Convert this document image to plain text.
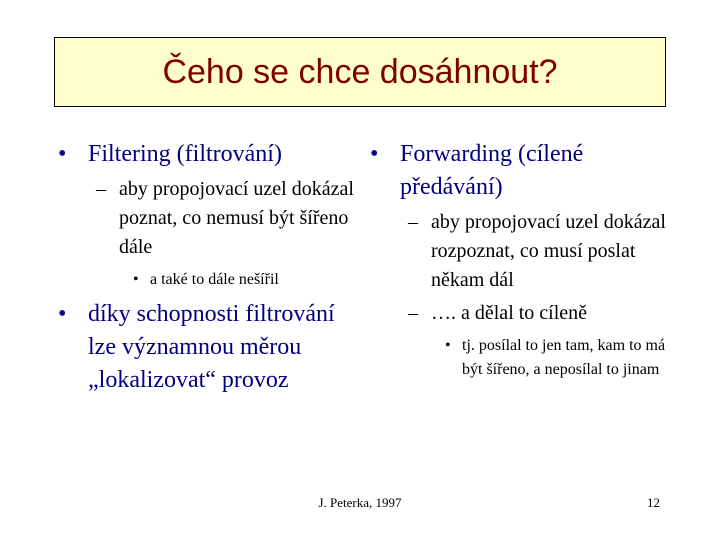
Čeho se chce dosáhnout?
• Filtering (filtrování)
– aby propojovací uzel dokázal poznat, co nemusí být šířeno dále
• a také to dále nešířil
• díky schopnosti filtrování lze významnou měrou „lokalizovat“ provoz
• Forwarding (cílené předávání)
– aby propojovací uzel dokázal rozpoznat, co musí poslat někam dál
– …. a dělal to cíleně
• tj. posílal to jen tam, kam to má být šířeno, a neposílal to jinam
J. Peterka, 1997	12
